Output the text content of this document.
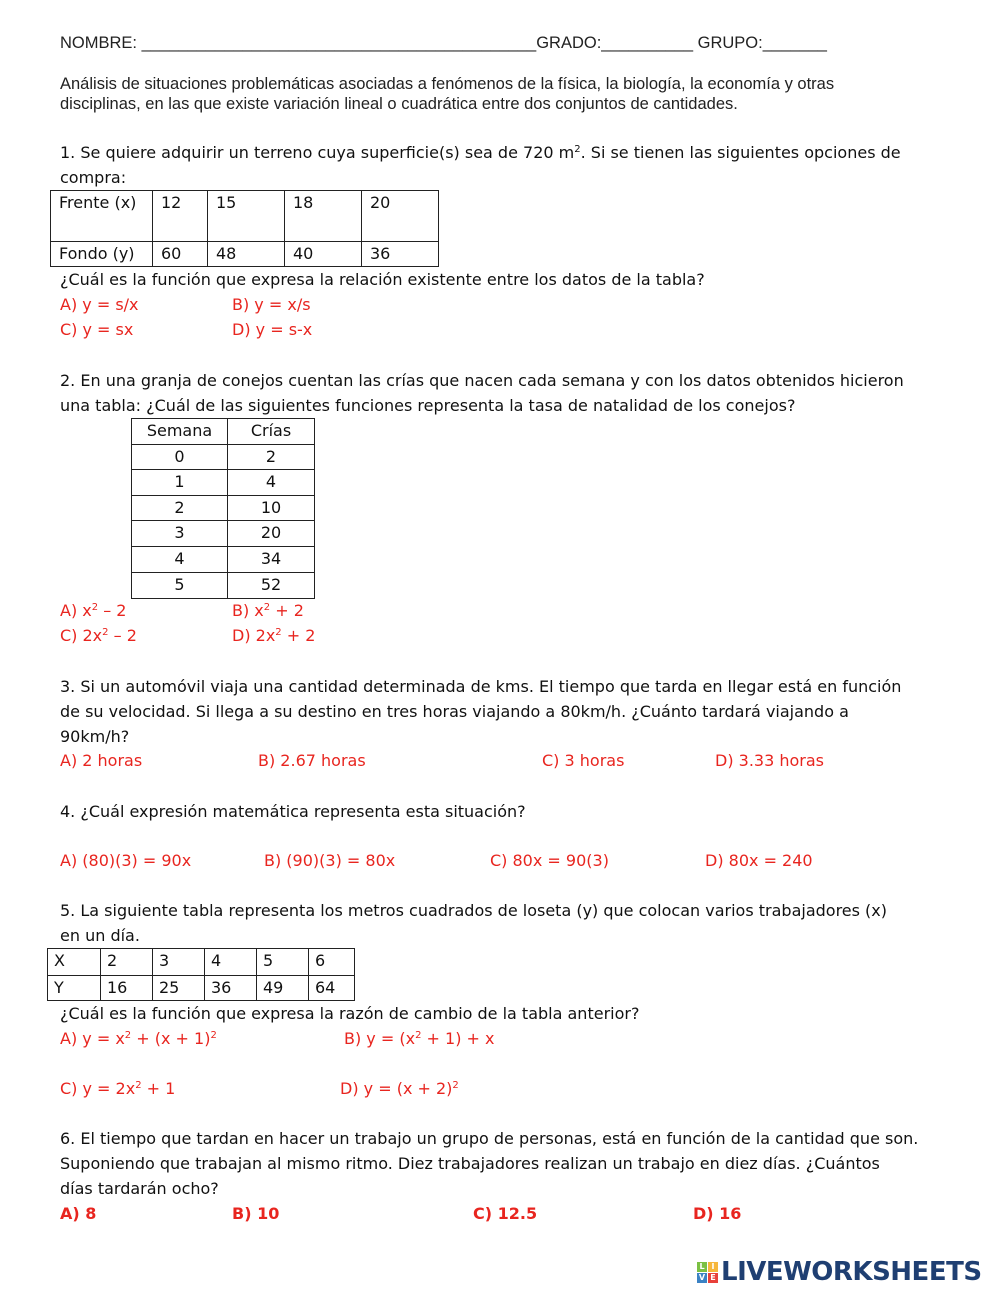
NOMBRE: ___________________________________________GRADO:__________ GRUPO:_______
Análisis de situaciones problemáticas asociadas a fenómenos de la física, la biología, la economía y otras
disciplinas, en las que existe variación lineal o cuadrática entre dos conjuntos de cantidades.
1. Se quiere adquirir un terreno cuya superficie(s) sea de 720 $m^2$. Si se tienen las siguientes opciones de
compra:
Frente (x)	12	15	18	20
Fondo (y)	60	48	40	36
¿Cuál es la función que expresa la relación existente entre los datos de la tabla?
A) y = s/x	B) y = x/s
C) y = sx	D) y = s-x
2. En una granja de conejos cuentan las crías que nacen cada semana y con los datos obtenidos hicieron
una tabla: ¿Cuál de las siguientes funciones representa la tasa de natalidad de los conejos?
Semana	Crías
0	2
1	4
2	10
3	20
4	34
5	52
A) $x^2 - 2$	B) $x^2 + 2$
C) $2x^2 - 2$	D) $2x^2 + 2$
3. Si un automóvil viaja una cantidad determinada de kms. El tiempo que tarda en llegar está en función
de su velocidad. Si llega a su destino en tres horas viajando a 80km/h. ¿Cuánto tardará viajando a
90km/h?
A) 2 horas	B) 2.67 horas	C) 3 horas	D) 3.33 horas
4. ¿Cuál expresión matemática representa esta situación?
A) (80)(3) = 90x	B) (90)(3) = 80x	C) 80x = 90(3)	D) 80x = 240
5. La siguiente tabla representa los metros cuadrados de loseta (y) que colocan varios trabajadores (x)
en un día.
X	2	3	4	5	6
Y	16	25	36	49	64
¿Cuál es la función que expresa la razón de cambio de la tabla anterior?
A) $y = x^2 + (x + 1)^2$	B) $y = (x^2 + 1) + x$
C) $y = 2x^2 + 1$	D) $y = (x + 2)^2$
6. El tiempo que tardan en hacer un trabajo un grupo de personas, está en función de la cantidad que son.
Suponiendo que trabajan al mismo ritmo. Diez trabajadores realizan un trabajo en diez días. ¿Cuántos
días tardarán ocho?
A) 8	B) 10	C) 12.5	D) 16
L I
V E LIVEWORKSHEETS
